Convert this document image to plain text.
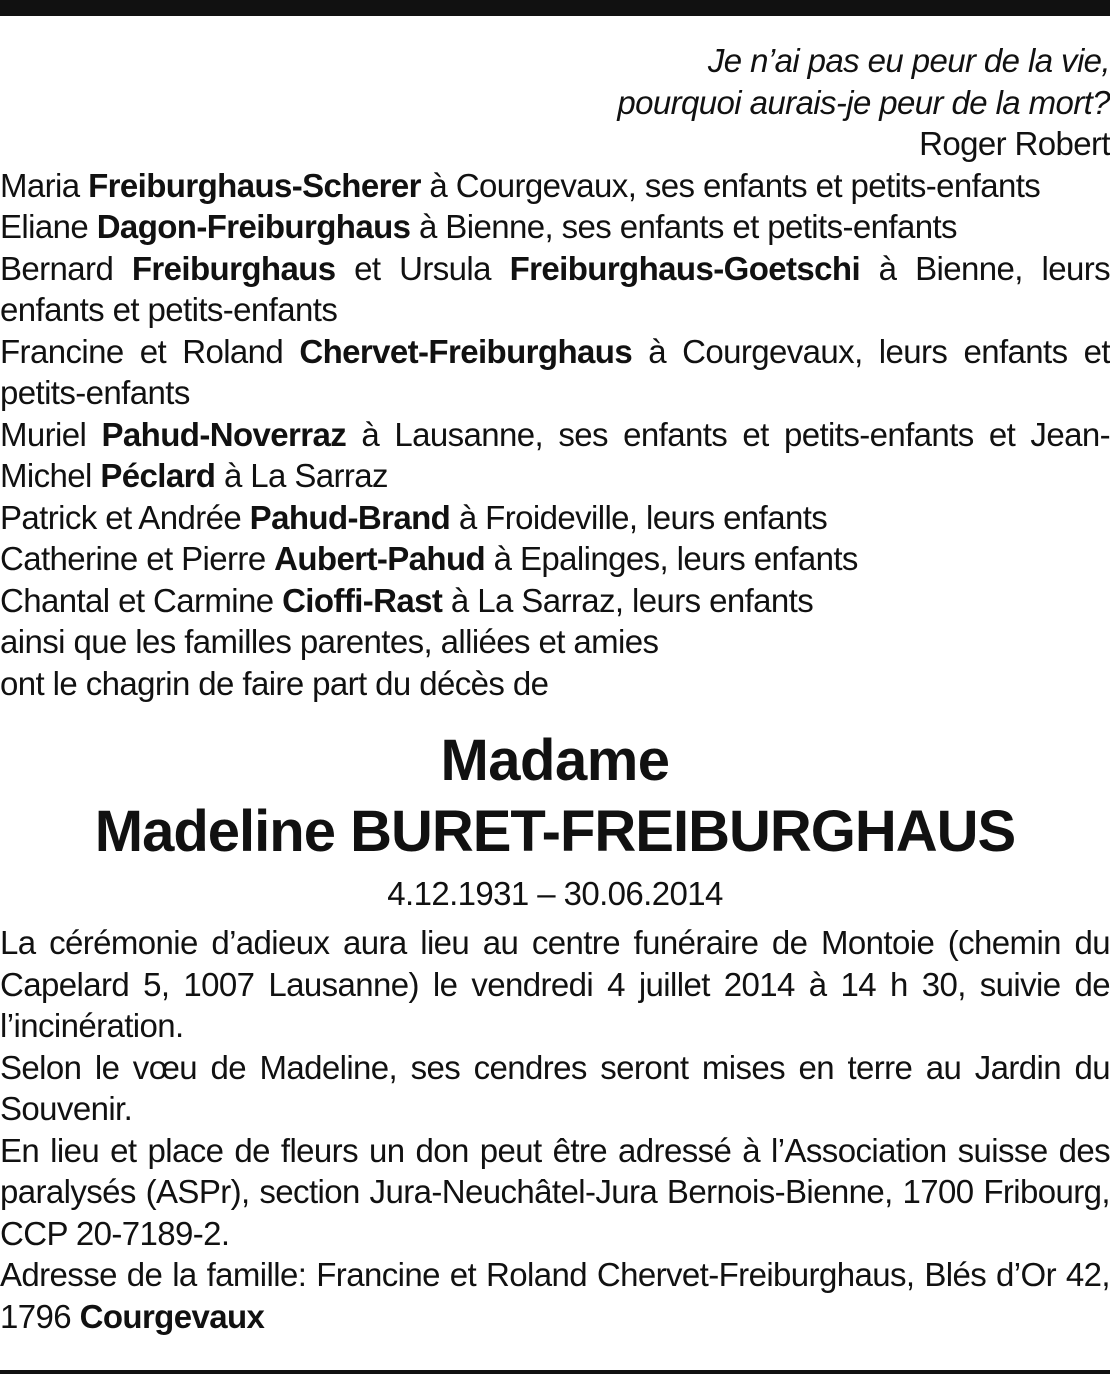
Je n’ai pas eu peur de la vie,
pourquoi aurais-je peur de la mort?
Roger Robert
Maria Freiburghaus-Scherer à Courgevaux, ses enfants et petits-enfants
Eliane Dagon-Freiburghaus à Bienne, ses enfants et petits-enfants
Bernard Freiburghaus et Ursula Freiburghaus-Goetschi à Bienne, leurs enfants et petits-enfants
Francine et Roland Chervet-Freiburghaus à Courgevaux, leurs enfants et petits-enfants
Muriel Pahud-Noverraz à Lausanne, ses enfants et petits-enfants et Jean-Michel Péclard à La Sarraz
Patrick et Andrée Pahud-Brand à Froideville, leurs enfants
Catherine et Pierre Aubert-Pahud à Epalinges, leurs enfants
Chantal et Carmine Cioffi-Rast à La Sarraz, leurs enfants
ainsi que les familles parentes, alliées et amies
ont le chagrin de faire part du décès de
Madame
Madeline BURET-FREIBURGHAUS
4.12.1931 – 30.06.2014
La cérémonie d’adieux aura lieu au centre funéraire de Montoie (chemin du Capelard 5, 1007 Lausanne) le vendredi 4 juillet 2014 à 14 h 30, suivie de l’incinération.
Selon le vœu de Madeline, ses cendres seront mises en terre au Jardin du Souvenir.
En lieu et place de fleurs un don peut être adressé à l’Association suisse des paralysés (ASPr), section Jura-Neuchâtel-Jura Bernois-Bienne, 1700 Fribourg, CCP 20-7189-2.
Adresse de la famille: Francine et Roland Chervet-Freiburghaus, Blés d’Or 42, 1796 Courgevaux
